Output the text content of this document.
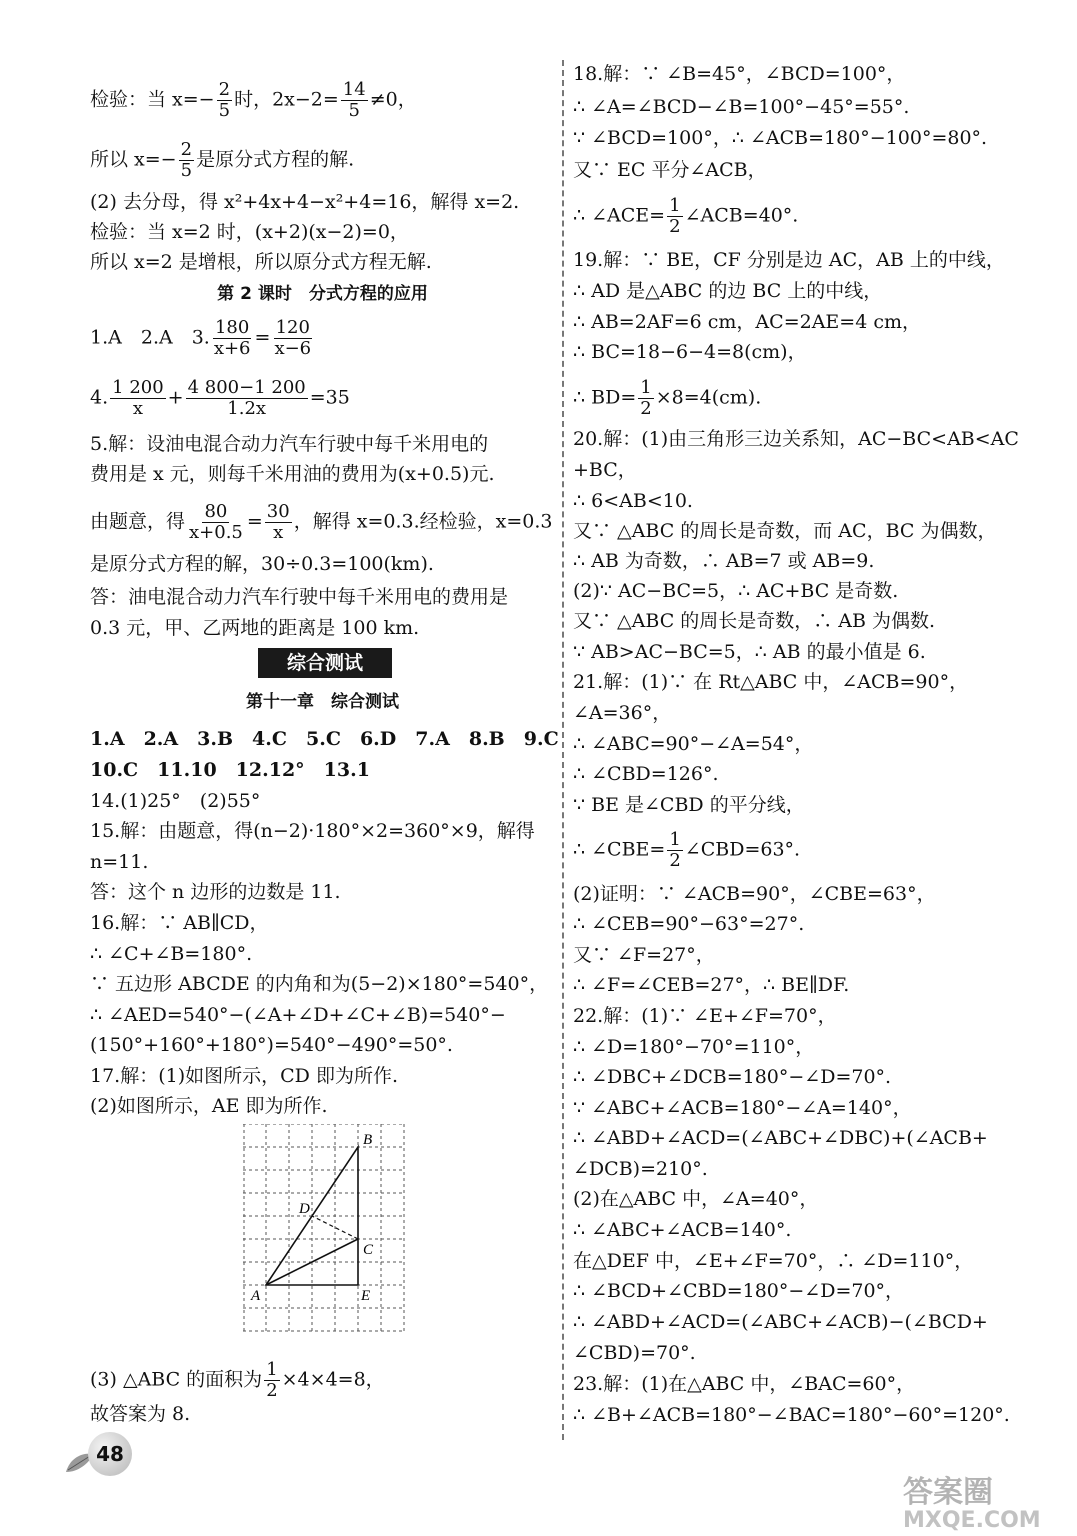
检验：当 $x=- \frac{2}{5}$ 时，$2x-2= \frac{14}{5} \ne 0$，
所以 $x=- \frac{2}{5}$ 是原分式方程的解.
(2) 去分母，得 x²+4x+4−x²+4=16，解得 x=2.
检验：当 x=2 时，(x+2)(x−2)=0，
所以 x=2 是增根，所以原分式方程无解.
第 2 课时　分式方程的应用
1.A　2.A　3. $\frac{180}{x+6} = \frac{120}{x-6}$
4. $\frac{1 200}{x} + \frac{4 800-1 200}{1.2x} =35$
5.解：设油电混合动力汽车行驶中每千米用电的
费用是 x 元，则每千米用油的费用为(x+0.5)元.
由题意，得 $\frac{80}{x+0.5} = \frac{30}{x}$ ，解得 x=0.3.经检验，x=0.3
是原分式方程的解，30÷0.3=100(km).
答：油电混合动力汽车行驶中每千米用电的费用是
0.3 元，甲、乙两地的距离是 100 km.
第十一章　综合测试
1.A　2.A　3.B　4.C　5.C　6.D　7.A　8.B　9.C
10.C　11.10　12.12°　13.1
14.(1)25°　(2)55°
15.解：由题意，得(n−2)·180°×2=360°×9，解得
n=11.
答：这个 n 边形的边数是 11.
16.解：∵ AB∥CD，
∴ ∠C+∠B=180°.
∵ 五边形 ABCDE 的内角和为(5−2)×180°=540°，
∴ ∠AED=540°−(∠A+∠D+∠C+∠B)=540°−
(150°+160°+180°)=540°−490°=50°.
17.解：(1)如图所示，CD 即为所作.
(2)如图所示，AE 即为所作.
(3) △ABC 的面积为 $\frac{1}{2} \times 4\times 4=8$，
故答案为 8.
综合测试
B
C
D
A	E
18.解：∵ ∠B=45°，∠BCD=100°，
∴ ∠A=∠BCD−∠B=100°−45°=55°.
∵ ∠BCD=100°，∴ ∠ACB=180°−100°=80°.
又∵ EC 平分∠ACB，
∴ ∠ACE= $\frac{1}{2}$ ∠ACB=40°.
19.解：∵ BE，CF 分别是边 AC，AB 上的中线，
∴ AD 是△ABC 的边 BC 上的中线，
∴ AB=2AF=6 cm，AC=2AE=4 cm，
∴ BC=18−6−4=8(cm)，
∴ $BD= \frac{1}{2} \times 8=4(cm)$.
20.解：(1)由三角形三边关系知，AC−BC<AB<AC
+BC，
∴ 6<AB<10.
又∵ △ABC 的周长是奇数，而 AC，BC 为偶数，
∴ AB 为奇数，∴ AB=7 或 AB=9.
(2)∵ AC−BC=5，∴ AC+BC 是奇数.
又∵ △ABC 的周长是奇数，∴ AB 为偶数.
∵ AB>AC−BC=5，∴ AB 的最小值是 6.
21.解：(1)∵ 在 Rt△ABC 中，∠ACB=90°，
∠A=36°，
∴ ∠ABC=90°−∠A=54°，
∴ ∠CBD=126°.
∵ BE 是∠CBD 的平分线，
∴ ∠CBE= $\frac{1}{2}$ ∠CBD=63°.
(2)证明：∵ ∠ACB=90°，∠CBE=63°，
∴ ∠CEB=90°−63°=27°.
又∵ ∠F=27°，
∴ ∠F=∠CEB=27°，∴ BE∥DF.
22.解：(1)∵ ∠E+∠F=70°，
∴ ∠D=180°−70°=110°，
∴ ∠DBC+∠DCB=180°−∠D=70°.
∵ ∠ABC+∠ACB=180°−∠A=140°，
∴ ∠ABD+∠ACD=(∠ABC+∠DBC)+(∠ACB+
∠DCB)=210°.
(2)在△ABC 中，∠A=40°，
∴ ∠ABC+∠ACB=140°.
在△DEF 中，∠E+∠F=70°，∴ ∠D=110°，
∴ ∠BCD+∠CBD=180°−∠D=70°，
∴ ∠ABD+∠ACD=(∠ABC+∠ACB)−(∠BCD+
∠CBD)=70°.
23.解：(1)在△ABC 中，∠BAC=60°，
∴ ∠B+∠ACB=180°−∠BAC=180°−60°=120°.
48
答案圈
MXQE.COM
